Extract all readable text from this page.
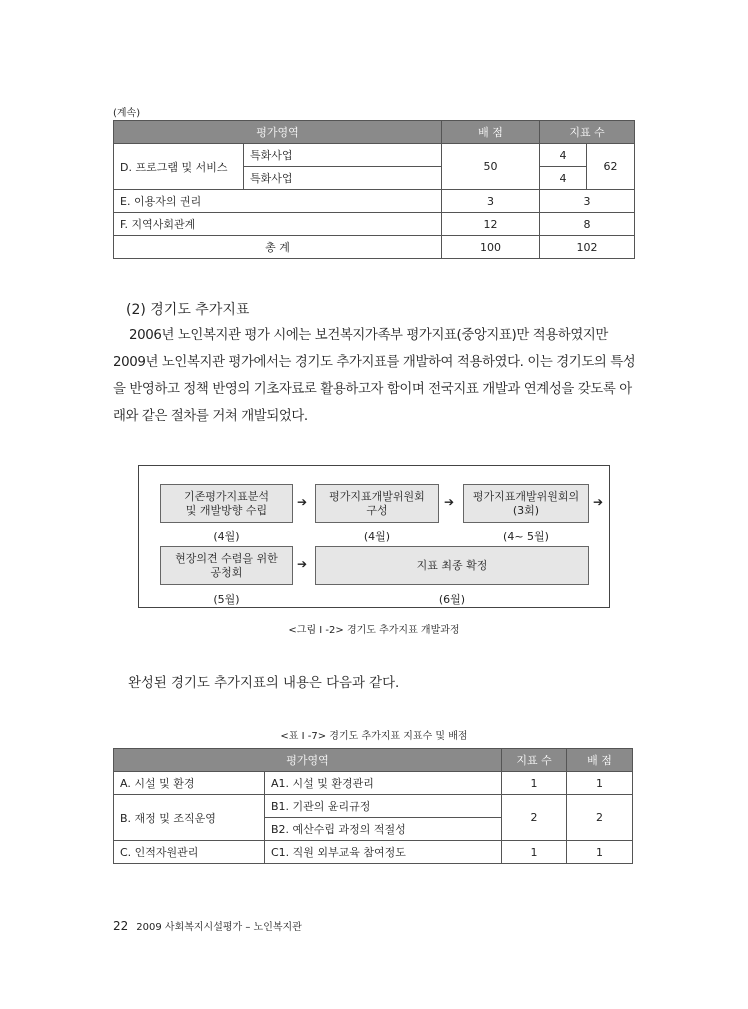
(계속)
평가영역		배 점	지표 수	
D. 프로그램 및 서비스	특화사업	50	4	62
	특화사업		4	
E. 이용자의 권리		3	3	
F. 지역사회관계		12	8	
총 계		100	102	
(2) 경기도 추가지표

2006년 노인복지관 평가 시에는 보건복지가족부 평가지표(중앙지표)만 적용하였지만 2009년 노인복지관 평가에서는 경기도 추가지표를 개발하여 적용하였다. 이는 경기도의 특성을 반영하고 정책 반영의 기초자료로 활용하고자 함이며 전국지표 개발과 연계성을 갖도록 아래와 같은 절차를 거쳐 개발되었다.

기존평가지표분석
및 개발방향 수립
➔	평가지표개발위원회
구성
➔	평가지표개발위원회의
(3회)
➔
(4월)	(4월)	(4~ 5월)
현장의견 수렴을 위한
공청회
➔	지표 최종 확정
(5월)	(6월)
<그림 Ⅰ -2> 경기도 추가지표 개발과정
완성된 경기도 추가지표의 내용은 다음과 같다.
<표 Ⅰ -7> 경기도 추가지표 지표수 및 배점
평가영역		지표 수	배 점
A. 시설 및 환경	A1. 시설 및 환경관리	1	1
B. 재정 및 조직운영	B1. 기관의 윤리규정	2	2
	B2. 예산수립 과정의 적절성		
C. 인적자원관리	C1. 직원 외부교육 참여정도	1	1
22 2009 사회복지시설평가 – 노인복지관
